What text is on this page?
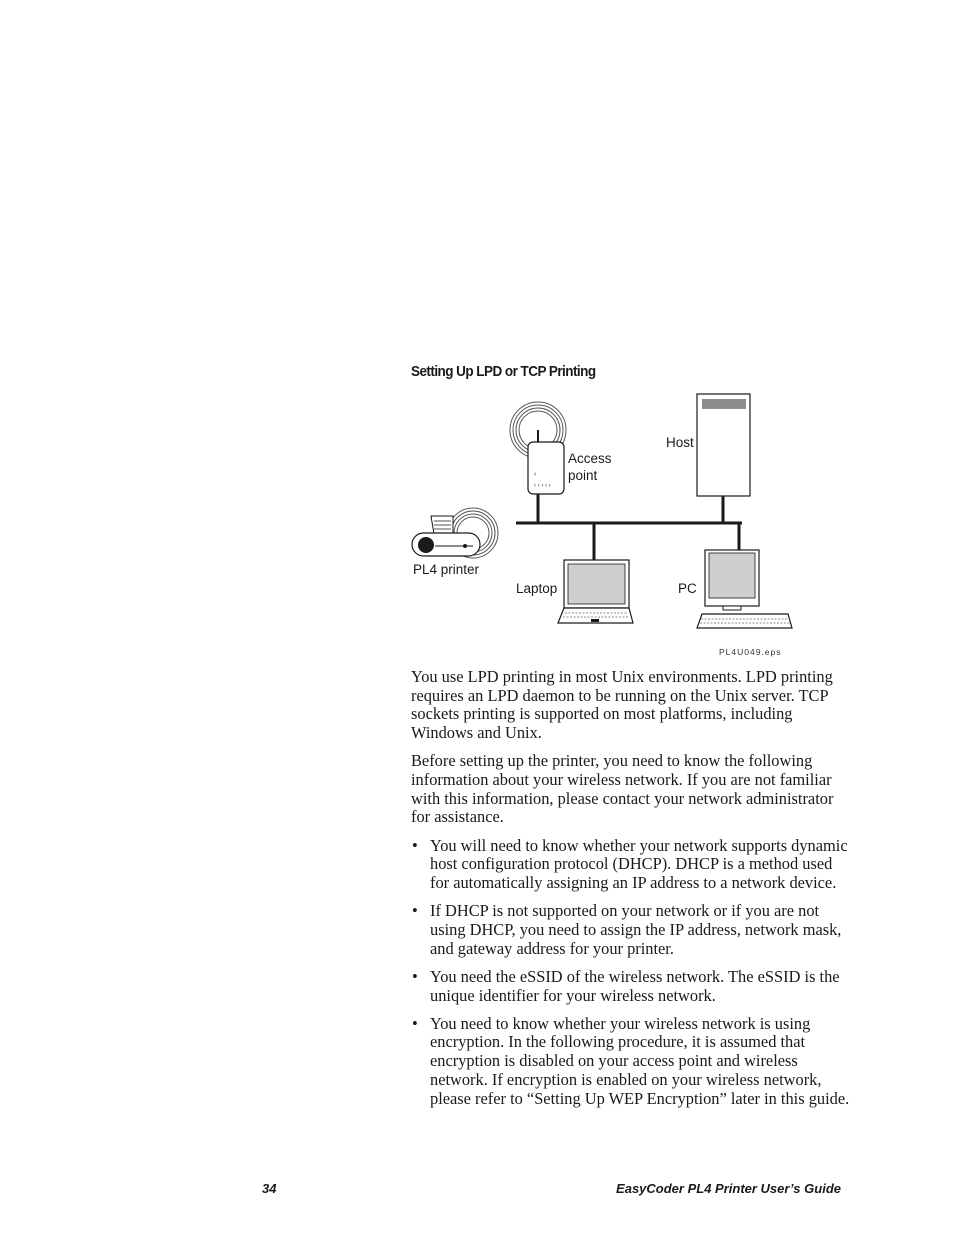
Setting Up LPD or TCP Printing
‹
‹ ‹ ‹ ‹ ‹
Access
point
Host
PL4 printer
Laptop	PC
PL4U049.eps

You use LPD printing in most Unix environments. LPD printing requires an LPD daemon to be running on the Unix server. TCP sockets printing is supported on most platforms, including Windows and Unix.

Before setting up the printer, you need to know the following information about your wireless network. If you are not familiar with this information, please contact your network administrator for assistance.

• You will need to know whether your network supports dynamic host configuration protocol (DHCP). DHCP is a method used for automatically assigning an IP address to a network device.
• If DHCP is not supported on your network or if you are not using DHCP, you need to assign the IP address, network mask, and gateway address for your printer.
• You need the eSSID of the wireless network. The eSSID is the unique identifier for your wireless network.
• You need to know whether your wireless network is using encryption. In the following procedure, it is assumed that encryption is disabled on your access point and wireless network. If encryption is enabled on your wireless network, please refer to “Setting Up WEP Encryption” later in this guide.
34	EasyCoder PL4 Printer User’s Guide
